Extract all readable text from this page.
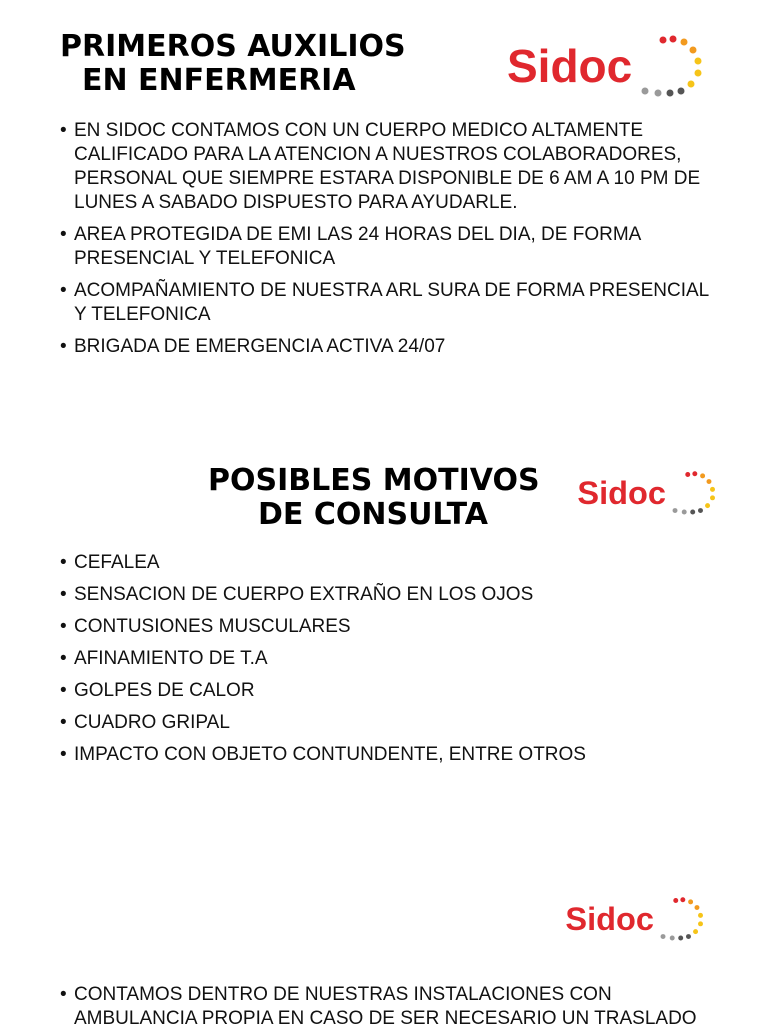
PRIMEROS AUXILIOS
EN ENFERMERIA	Sidoc
• EN SIDOC CONTAMOS CON UN CUERPO MEDICO ALTAMENTE CALIFICADO PARA LA ATENCION A NUESTROS COLABORADORES, PERSONAL QUE SIEMPRE ESTARA DISPONIBLE DE 6 AM A 10 PM DE LUNES A SABADO DISPUESTO PARA AYUDARLE.
• AREA PROTEGIDA DE EMI LAS 24 HORAS DEL DIA, DE FORMA PRESENCIAL Y TELEFONICA
• ACOMPAÑAMIENTO DE NUESTRA ARL SURA DE FORMA PRESENCIAL Y TELEFONICA
• BRIGADA DE EMERGENCIA ACTIVA 24/07
POSIBLES MOTIVOS
DE CONSULTA
Sidoc
• CEFALEA
• SENSACION DE CUERPO EXTRAÑO EN LOS OJOS
• CONTUSIONES MUSCULARES
• AFINAMIENTO DE T.A
• GOLPES DE CALOR
• CUADRO GRIPAL
• IMPACTO CON OBJETO CONTUNDENTE, ENTRE OTROS
Sidoc
• CONTAMOS DENTRO DE NUESTRAS INSTALACIONES CON AMBULANCIA PROPIA EN CASO DE SER NECESARIO UN TRASLADO
